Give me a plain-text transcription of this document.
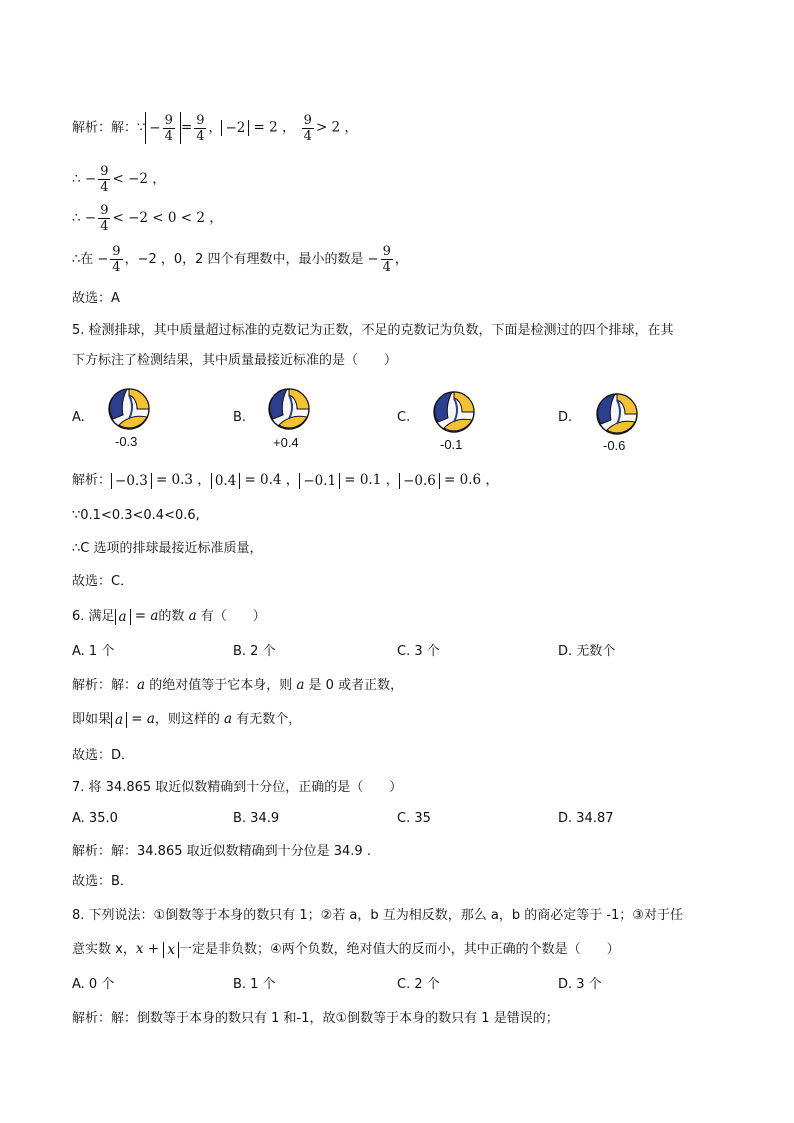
解析：解：∵ − $\frac{9}{4} = \frac{9}{4}$ ， −2 = 2 ， $\frac{9}{4} > 2$ ，
∴ − $\frac{9}{4} < -2$ ，
∴ − $\frac{9}{4} < -2 < 0 < 2$ ，
∴在 − $\frac{9}{4}$ ，−2 ，0，2 四个有理数中，最小的数是 − $\frac{9}{4}$ ，
故选：A
5. 检测排球，其中质量超过标准的克数记为正数，不足的克数记为负数，下面是检测过的四个排球，在其
下方标注了检测结果，其中质量最接近标准的是（　　）
A.
-0.3
B.
+0.4
C.
-0.1
D.
-0.6
解析： −0.3 = 0.3 ， 0.4 = 0.4 ， −0.1 = 0.1 ， −0.6 = 0.6 ，
∵0.1<0.3<0.4<0.6,
∴C 选项的排球最接近标准质量，
故选：C．
6. 满足 a = a的数 a 有（　　）
A. 1 个	B. 2 个	C. 3 个	D. 无数个
解析：解：a 的绝对值等于它本身，则 a 是 0 或者正数，
即如果 a = a，则这样的 a 有无数个，
故选：D．
7. 将 34.865 取近似数精确到十分位，正确的是（　　）
A. 35.0	B. 34.9	C. 35	D. 34.87
解析：解：34.865 取近似数精确到十分位是 34.9 .
故选：B．
8. 下列说法：①倒数等于本身的数只有 1；②若 a，b 互为相反数，那么 a，b 的商必定等于 -1；③对于任
意实数 x，x + x 一定是非负数；④两个负数，绝对值大的反而小，其中正确的个数是（　　）
A. 0 个	B. 1 个	C. 2 个	D. 3 个
解析：解：倒数等于本身的数只有 1 和-1，故①倒数等于本身的数只有 1 是错误的；
